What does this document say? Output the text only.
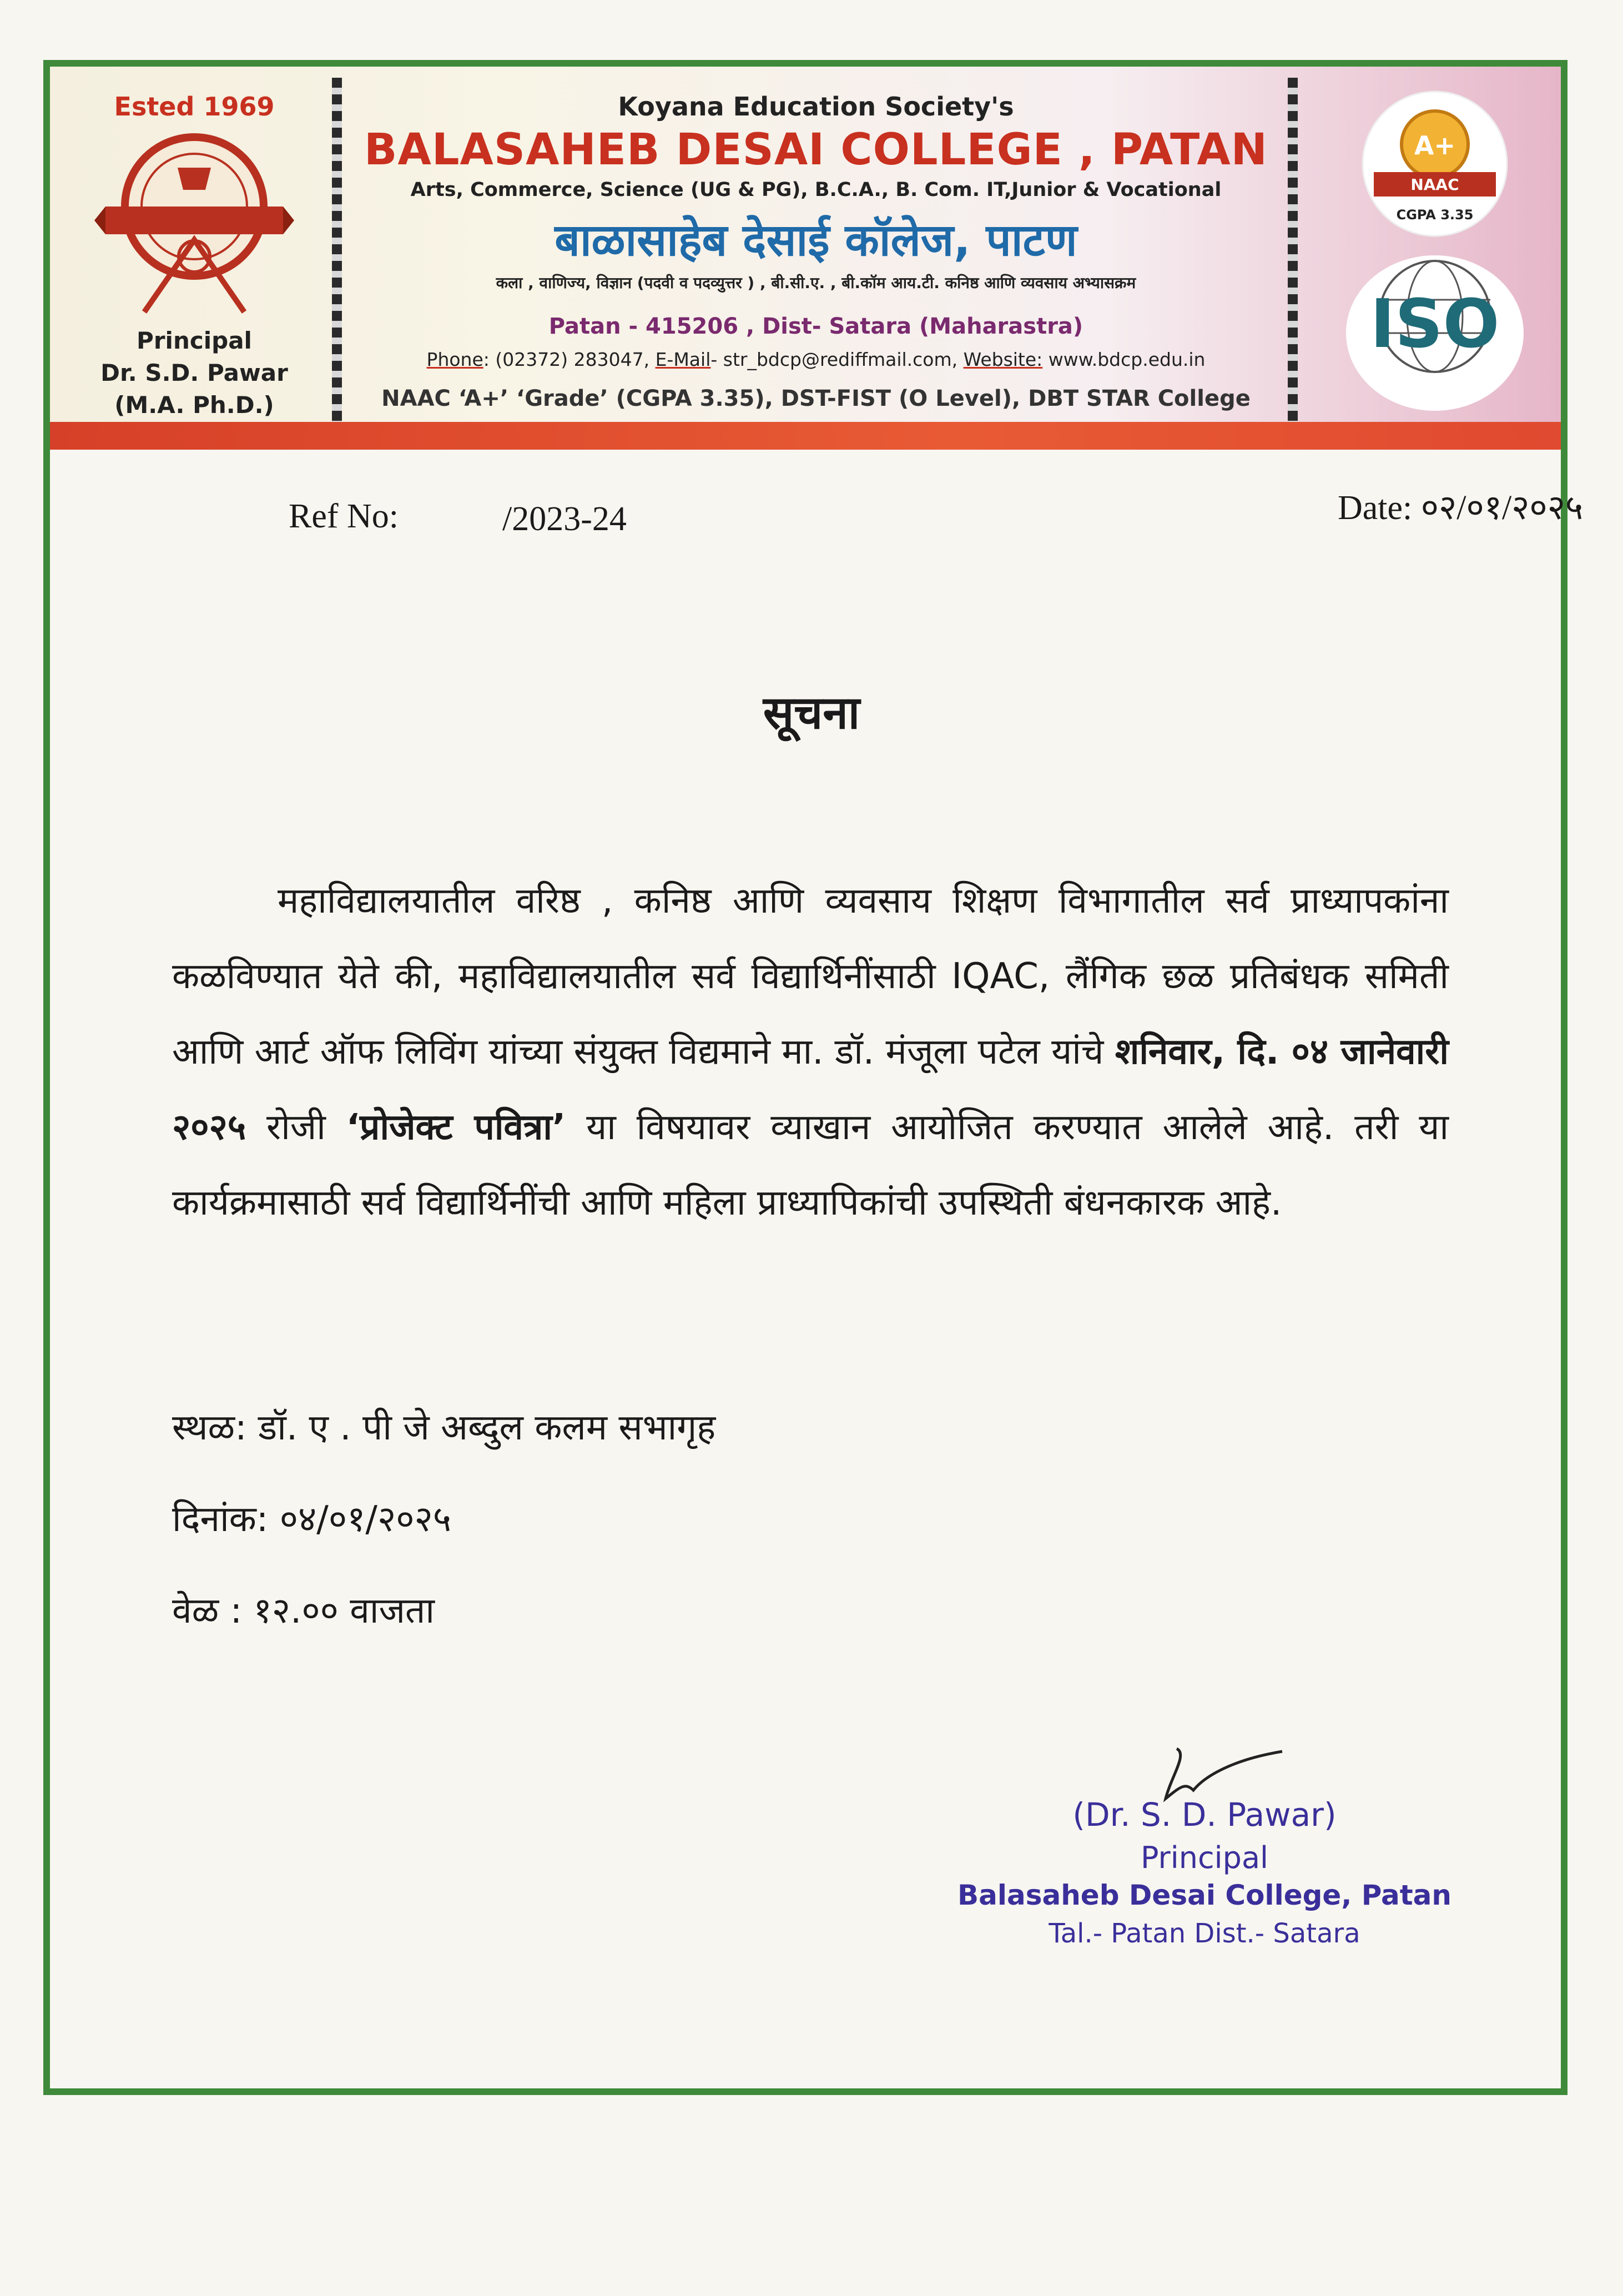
Ested 1969
Principal
Dr. S.D. Pawar
(M.A. Ph.D.)
Koyana Education Society's
BALASAHEB DESAI COLLEGE , PATAN
Arts, Commerce, Science (UG & PG), B.C.A., B. Com. IT,Junior & Vocational
बाळासाहेब देसाई कॉलेज, पाटण
कला , वाणिज्य, विज्ञान (पदवी व पदव्युत्तर ) , बी.सी.ए. , बी.कॉम आय.टी. कनिष्ठ आणि व्यवसाय अभ्यासक्रम
Patan - 415206 , Dist- Satara (Maharastra)
Phone: (02372) 283047, E-Mail- str_bdcp@rediffmail.com, Website: www.bdcp.edu.in
NAAC ‘A+’ ‘Grade’ (CGPA 3.35), DST-FIST (O Level), DBT STAR College
A+
NAAC
CGPA 3.35
ISO
Ref No:	/2023-24	Date: ०२/०१/२०२५
सूचना
महाविद्यालयातील वरिष्ठ , कनिष्ठ आणि व्यवसाय शिक्षण विभागातील सर्व प्राध्यापकांना कळविण्यात येते की, महाविद्यालयातील सर्व विद्यार्थिनींसाठी IQAC, लैंगिक छळ प्रतिबंधक समिती आणि आर्ट ऑफ लिविंग यांच्या संयुक्त विद्यमाने मा. डॉ. मंजूला पटेल यांचे शनिवार, दि. ०४ जानेवारी २०२५ रोजी ‘प्रोजेक्ट पवित्रा’ या विषयावर व्याखान आयोजित करण्यात आलेले आहे. तरी या कार्यक्रमासाठी सर्व विद्यार्थिनींची आणि महिला प्राध्यापिकांची उपस्थिती बंधनकारक आहे.
स्थळ: डॉ. ए . पी जे अब्दुल कलम सभागृह
दिनांक: ०४/०१/२०२५
वेळ : १२.०० वाजता
(Dr. S. D. Pawar)
Principal
Balasaheb Desai College, Patan
Tal.- Patan Dist.- Satara
